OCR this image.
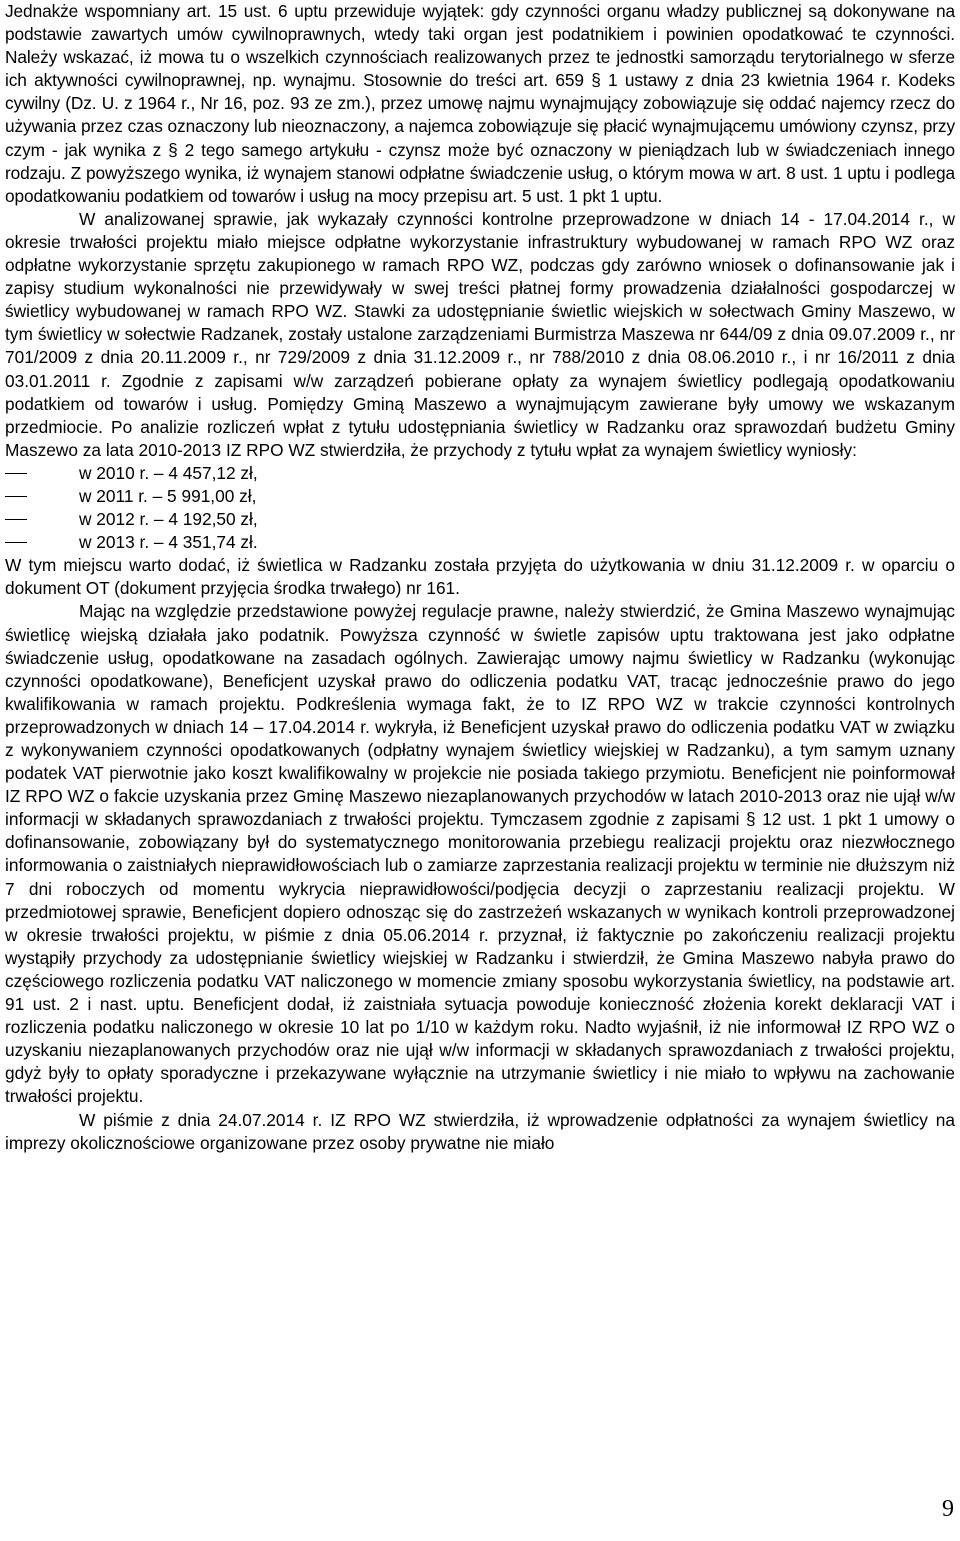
Jednakże wspomniany art. 15 ust. 6 uptu przewiduje wyjątek: gdy czynności organu władzy publicznej są dokonywane na podstawie zawartych umów cywilnoprawnych, wtedy taki organ jest podatnikiem i powinien opodatkować te czynności. Należy wskazać, iż mowa tu o wszelkich czynnościach realizowanych przez te jednostki samorządu terytorialnego w sferze ich aktywności cywilnoprawnej, np. wynajmu. Stosownie do treści art. 659 § 1 ustawy z dnia 23 kwietnia 1964 r. Kodeks cywilny (Dz. U. z 1964 r., Nr 16, poz. 93 ze zm.), przez umowę najmu wynajmujący zobowiązuje się oddać najemcy rzecz do używania przez czas oznaczony lub nieoznaczony, a najemca zobowiązuje się płacić wynajmującemu umówiony czynsz, przy czym - jak wynika z § 2 tego samego artykułu - czynsz może być oznaczony w pieniądzach lub w świadczeniach innego rodzaju. Z powyższego wynika, iż wynajem stanowi odpłatne świadczenie usług, o którym mowa w art. 8 ust. 1 uptu i podlega opodatkowaniu podatkiem od towarów i usług na mocy przepisu art. 5 ust. 1 pkt 1 uptu.

W analizowanej sprawie, jak wykazały czynności kontrolne przeprowadzone w dniach 14 - 17.04.2014 r., w okresie trwałości projektu miało miejsce odpłatne wykorzystanie infrastruktury wybudowanej w ramach RPO WZ oraz odpłatne wykorzystanie sprzętu zakupionego w ramach RPO WZ, podczas gdy zarówno wniosek o dofinansowanie jak i zapisy studium wykonalności nie przewidywały w swej treści płatnej formy prowadzenia działalności gospodarczej w świetlicy wybudowanej w ramach RPO WZ. Stawki za udostępnianie świetlic wiejskich w sołectwach Gminy Maszewo, w tym świetlicy w sołectwie Radzanek, zostały ustalone zarządzeniami Burmistrza Maszewa nr 644/09 z dnia 09.07.2009 r., nr 701/2009 z dnia 20.11.2009 r., nr 729/2009 z dnia 31.12.2009 r., nr 788/2010 z dnia 08.06.2010 r., i nr 16/2011 z dnia 03.01.2011 r. Zgodnie z zapisami w/w zarządzeń pobierane opłaty za wynajem świetlicy podlegają opodatkowaniu podatkiem od towarów i usług. Pomiędzy Gminą Maszewo a wynajmującym zawierane były umowy we wskazanym przedmiocie. Po analizie rozliczeń wpłat z tytułu udostępniania świetlicy w Radzanku oraz sprawozdań budżetu Gminy Maszewo za lata 2010-2013 IZ RPO WZ stwierdziła, że przychody z tytułu wpłat za wynajem świetlicy wyniosły:

w 2010 r. – 4 457,12 zł,
w 2011 r. – 5 991,00 zł,
w 2012 r. – 4 192,50 zł,
w 2013 r. – 4 351,74 zł.

W tym miejscu warto dodać, iż świetlica w Radzanku została przyjęta do użytkowania w dniu 31.12.2009 r. w oparciu o dokument OT (dokument przyjęcia środka trwałego) nr 161.

Mając na względzie przedstawione powyżej regulacje prawne, należy stwierdzić, że Gmina Maszewo wynajmując świetlicę wiejską działała jako podatnik. Powyższa czynność w świetle zapisów uptu traktowana jest jako odpłatne świadczenie usług, opodatkowane na zasadach ogólnych. Zawierając umowy najmu świetlicy w Radzanku (wykonując czynności opodatkowane), Beneficjent uzyskał prawo do odliczenia podatku VAT, tracąc jednocześnie prawo do jego kwalifikowania w ramach projektu. Podkreślenia wymaga fakt, że to IZ RPO WZ w trakcie czynności kontrolnych przeprowadzonych w dniach 14 – 17.04.2014 r. wykryła, iż Beneficjent uzyskał prawo do odliczenia podatku VAT w związku z wykonywaniem czynności opodatkowanych (odpłatny wynajem świetlicy wiejskiej w Radzanku), a tym samym uznany podatek VAT pierwotnie jako koszt kwalifikowalny w projekcie nie posiada takiego przymiotu. Beneficjent nie poinformował IZ RPO WZ o fakcie uzyskania przez Gminę Maszewo niezaplanowanych przychodów w latach 2010-2013 oraz nie ujął w/w informacji w składanych sprawozdaniach z trwałości projektu. Tymczasem zgodnie z zapisami § 12 ust. 1 pkt 1 umowy o dofinansowanie, zobowiązany był do systematycznego monitorowania przebiegu realizacji projektu oraz niezwłocznego informowania o zaistniałych nieprawidłowościach lub o zamiarze zaprzestania realizacji projektu w terminie nie dłuższym niż 7 dni roboczych od momentu wykrycia nieprawidłowości/podjęcia decyzji o zaprzestaniu realizacji projektu. W przedmiotowej sprawie, Beneficjent dopiero odnosząc się do zastrzeżeń wskazanych w wynikach kontroli przeprowadzonej w okresie trwałości projektu, w piśmie z dnia 05.06.2014 r. przyznał, iż faktycznie po zakończeniu realizacji projektu wystąpiły przychody za udostępnianie świetlicy wiejskiej w Radzanku i stwierdził, że Gmina Maszewo nabyła prawo do częściowego rozliczenia podatku VAT naliczonego w momencie zmiany sposobu wykorzystania świetlicy, na podstawie art. 91 ust. 2 i nast. uptu. Beneficjent dodał, iż zaistniała sytuacja powoduje konieczność złożenia korekt deklaracji VAT i rozliczenia podatku naliczonego w okresie 10 lat po 1/10 w każdym roku. Nadto wyjaśnił, iż nie informował IZ RPO WZ o uzyskaniu niezaplanowanych przychodów oraz nie ujął w/w informacji w składanych sprawozdaniach z trwałości projektu, gdyż były to opłaty sporadyczne i przekazywane wyłącznie na utrzymanie świetlicy i nie miało to wpływu na zachowanie trwałości projektu.

W piśmie z dnia 24.07.2014 r. IZ RPO WZ stwierdziła, iż wprowadzenie odpłatności za wynajem świetlicy na imprezy okolicznościowe organizowane przez osoby prywatne nie miało

9
